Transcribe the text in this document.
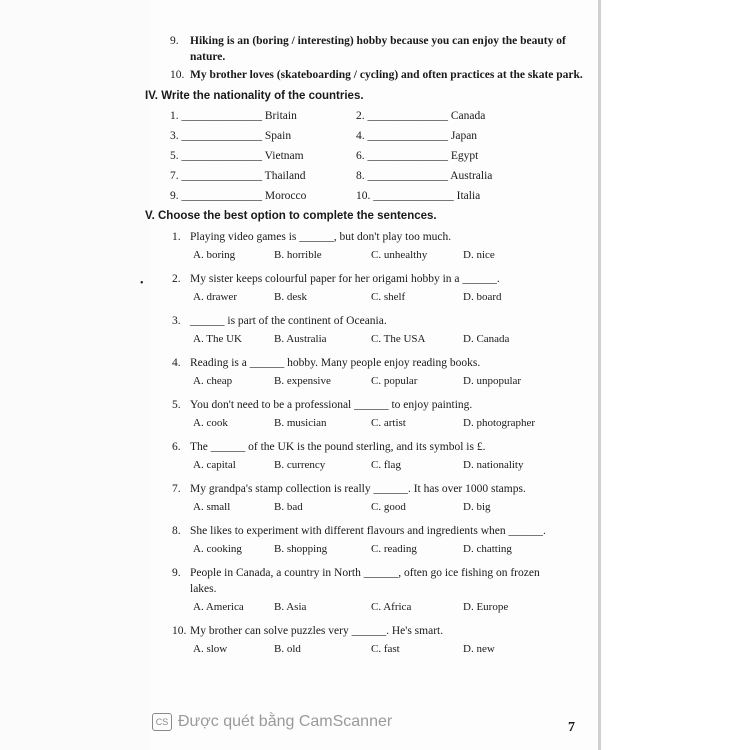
9. Hiking is an (boring / interesting) hobby because you can enjoy the beauty of
nature.
10. My brother loves (skateboarding / cycling) and often practices at the skate park.
IV. Write the nationality of the countries.
1. ______________ Britain	2. ______________ Canada
3. ______________ Spain	4. ______________ Japan
5. ______________ Vietnam	6. ______________ Egypt
7. ______________ Thailand	8. ______________ Australia
9. ______________ Morocco	10. ______________ Italia
V. Choose the best option to complete the sentences.
•
1. Playing video games is ______, but don't play too much.
A. boring	B. horrible	C. unhealthy	D. nice
2. My sister keeps colourful paper for her origami hobby in a ______.
A. drawer	B. desk	C. shelf	D. board
3. ______ is part of the continent of Oceania.
A. The UK	B. Australia	C. The USA	D. Canada
4. Reading is a ______ hobby. Many people enjoy reading books.
A. cheap	B. expensive	C. popular	D. unpopular
5. You don't need to be a professional ______ to enjoy painting.
A. cook	B. musician	C. artist	D. photographer
6. The ______ of the UK is the pound sterling, and its symbol is £.
A. capital	B. currency	C. flag	D. nationality
7. My grandpa's stamp collection is really ______. It has over 1000 stamps.
A. small	B. bad	C. good	D. big
8. She likes to experiment with different flavours and ingredients when ______.
A. cooking	B. shopping	C. reading	D. chatting
9. People in Canada, a country in North ______, often go ice fishing on frozen
lakes.
A. America	B. Asia	C. Africa	D. Europe
10. My brother can solve puzzles very ______. He's smart.
A. slow	B. old	C. fast	D. new
CS Được quét bằng CamScanner	7
